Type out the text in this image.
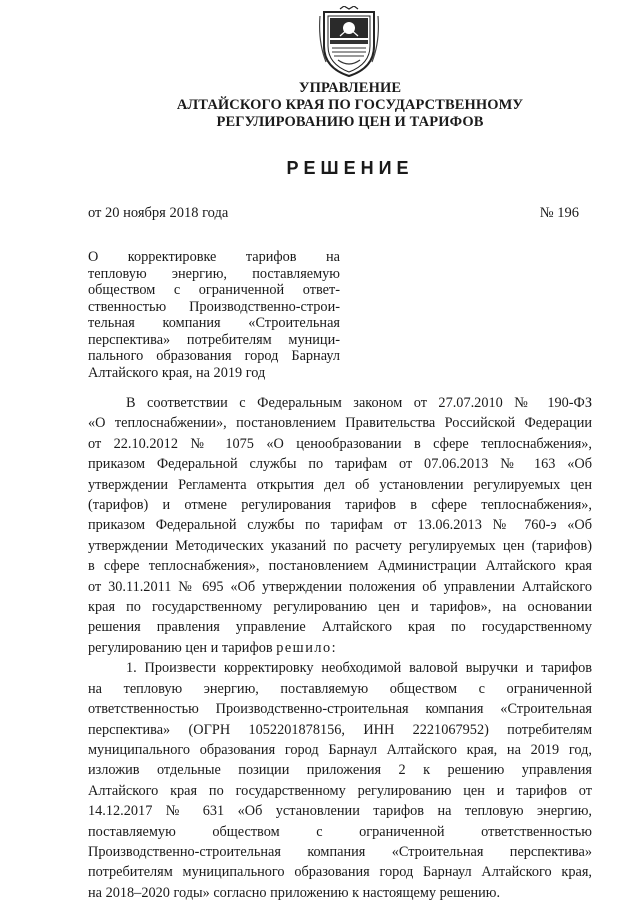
УПРАВЛЕНИЕ
АЛТАЙСКОГО КРАЯ ПО ГОСУДАРСТВЕННОМУ
РЕГУЛИРОВАНИЮ ЦЕН И ТАРИФОВ
РЕШЕНИЕ
от 20 ноября 2018 года	№ 196
О корректировке тарифов на
тепловую энергию, поставляемую
обществом с ограниченной ответ-
ственностью Производственно-строи-
тельная компания «Строительная
перспектива» потребителям муници-
пального образования город Барнаул
Алтайского края, на 2019 год
В соответствии с Федеральным законом от 27.07.2010 № 190-ФЗ
«О теплоснабжении», постановлением Правительства Российской Федерации
от 22.10.2012 № 1075 «О ценообразовании в сфере теплоснабжения»,
приказом Федеральной службы по тарифам от 07.06.2013 № 163 «Об
утверждении Регламента открытия дел об установлении регулируемых цен
(тарифов) и отмене регулирования тарифов в сфере теплоснабжения»,
приказом Федеральной службы по тарифам от 13.06.2013 № 760-э «Об
утверждении Методических указаний по расчету регулируемых цен (тарифов)
в сфере теплоснабжения», постановлением Администрации Алтайского края
от 30.11.2011 № 695 «Об утверждении положения об управлении Алтайского
края по государственному регулированию цен и тарифов», на основании
решения правления управление Алтайского края по государственному
регулированию цен и тарифов решило:
1. Произвести корректировку необходимой валовой выручки и тарифов
на тепловую энергию, поставляемую обществом с ограниченной
ответственностью Производственно-строительная компания «Строительная
перспектива» (ОГРН 1052201878156, ИНН 2221067952) потребителям
муниципального образования город Барнаул Алтайского края, на 2019 год,
изложив отдельные позиции приложения 2 к решению управления
Алтайского края по государственному регулированию цен и тарифов от
14.12.2017 № 631 «Об установлении тарифов на тепловую энергию,
поставляемую обществом с ограниченной ответственностью
Производственно-строительная компания «Строительная перспектива»
потребителям муниципального образования город Барнаул Алтайского края,
на 2018–2020 годы» согласно приложению к настоящему решению.
